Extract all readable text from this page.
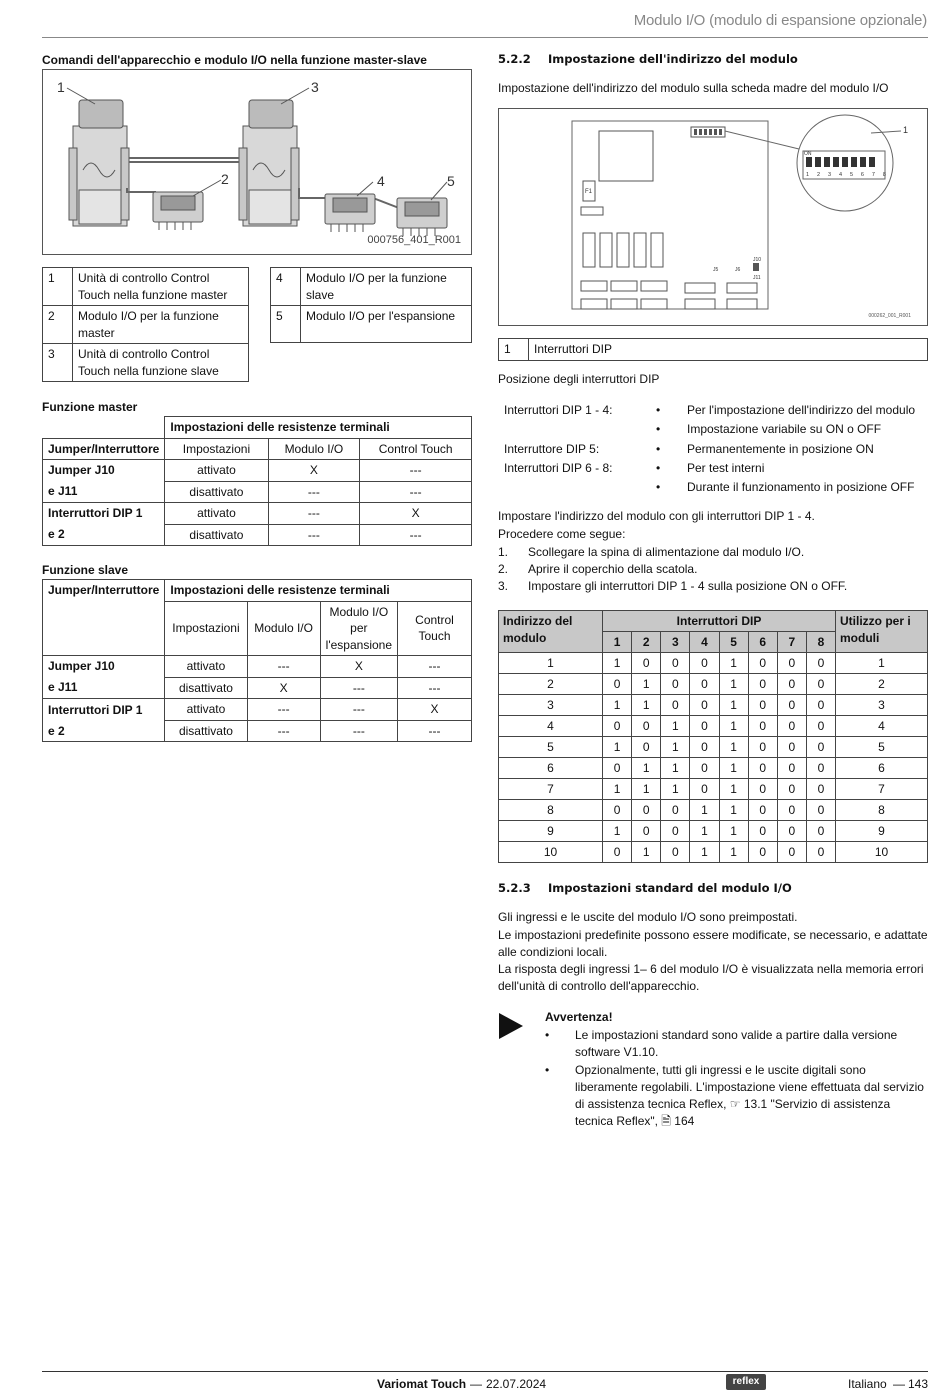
Modulo I/O (modulo di espansione opzionale)
Comandi dell'apparecchio e modulo I/O nella funzione master-slave
1
2
3
4	5
000756_401_R001
1	Unità di controllo Control Touch nella funzione master
2	Modulo I/O per la funzione master
3	Unità di controllo Control Touch nella funzione slave
4	Modulo I/O per la funzione slave
5	Modulo I/O per l'espansione
Funzione master
	Impostazioni delle resistenze terminali		
Jumper/Interruttore	Impostazioni	Modulo I/O	Control Touch
Jumper J10	attivato	X	---
e J11	disattivato	---	---
Interruttori DIP 1	attivato	---	X
e 2	disattivato	---	---
Funzione slave
Jumper/Interruttore	Impostazioni delle resistenze terminali			
	Impostazioni	Modulo I/O	Modulo I/O per l'espansione	Control Touch
Jumper J10	attivato	---	X	---
e J11	disattivato	X	---	---
Interruttori DIP 1	attivato	---	---	X
e 2	disattivato	---	---	---
5.2.2 Impostazione dell'indirizzo del modulo
Impostazione dell'indirizzo del modulo sulla scheda madre del modulo I/O
F1
J10
J11
J5	J6
ON
1 2 3 4 5 6 7 8
1
000262_001_R001
1	Interruttori DIP
Posizione degli interruttori DIP
Interruttori DIP 1 - 4:	• Per l'impostazione dell'indirizzo del modulo
• Impostazione variabile su ON o OFF
Interruttore DIP 5:	• Permanentemente in posizione ON
Interruttori DIP 6 - 8:	• Per test interni
• Durante il funzionamento in posizione OFF
Impostare l'indirizzo del modulo con gli interruttori DIP 1 - 4.
Procedere come segue:
1. Scollegare la spina di alimentazione dal modulo I/O.
2. Aprire il coperchio della scatola.
3. Impostare gli interruttori DIP 1 - 4 sulla posizione ON o OFF.
Indirizzo del modulo	Interruttori DIP								Utilizzo per i moduli
	1	2	3	4	5	6	7	8	
1	1	0	0	0	1	0	0	0	1
2	0	1	0	0	1	0	0	0	2
3	1	1	0	0	1	0	0	0	3
4	0	0	1	0	1	0	0	0	4
5	1	0	1	0	1	0	0	0	5
6	0	1	1	0	1	0	0	0	6
7	1	1	1	0	1	0	0	0	7
8	0	0	0	1	1	0	0	0	8
9	1	0	0	1	1	0	0	0	9
10	0	1	0	1	1	0	0	0	10
5.2.3 Impostazioni standard del modulo I/O
Gli ingressi e le uscite del modulo I/O sono preimpostati.
Le impostazioni predefinite possono essere modificate, se necessario, e adattate alle condizioni locali.
La risposta degli ingressi 1– 6 del modulo I/O è visualizzata nella memoria errori dell'unità di controllo dell'apparecchio.
Avvertenza!
• Le impostazioni standard sono valide a partire dalla versione software V1.10.
• Opzionalmente, tutti gli ingressi e le uscite digitali sono liberamente regolabili. L'impostazione viene effettuata dal servizio di assistenza tecnica Reflex, ☞ 13.1 "Servizio di assistenza tecnica Reflex", 🗎 164
Variomat Touch — 22.07.2024	reflex	Italiano — 143
